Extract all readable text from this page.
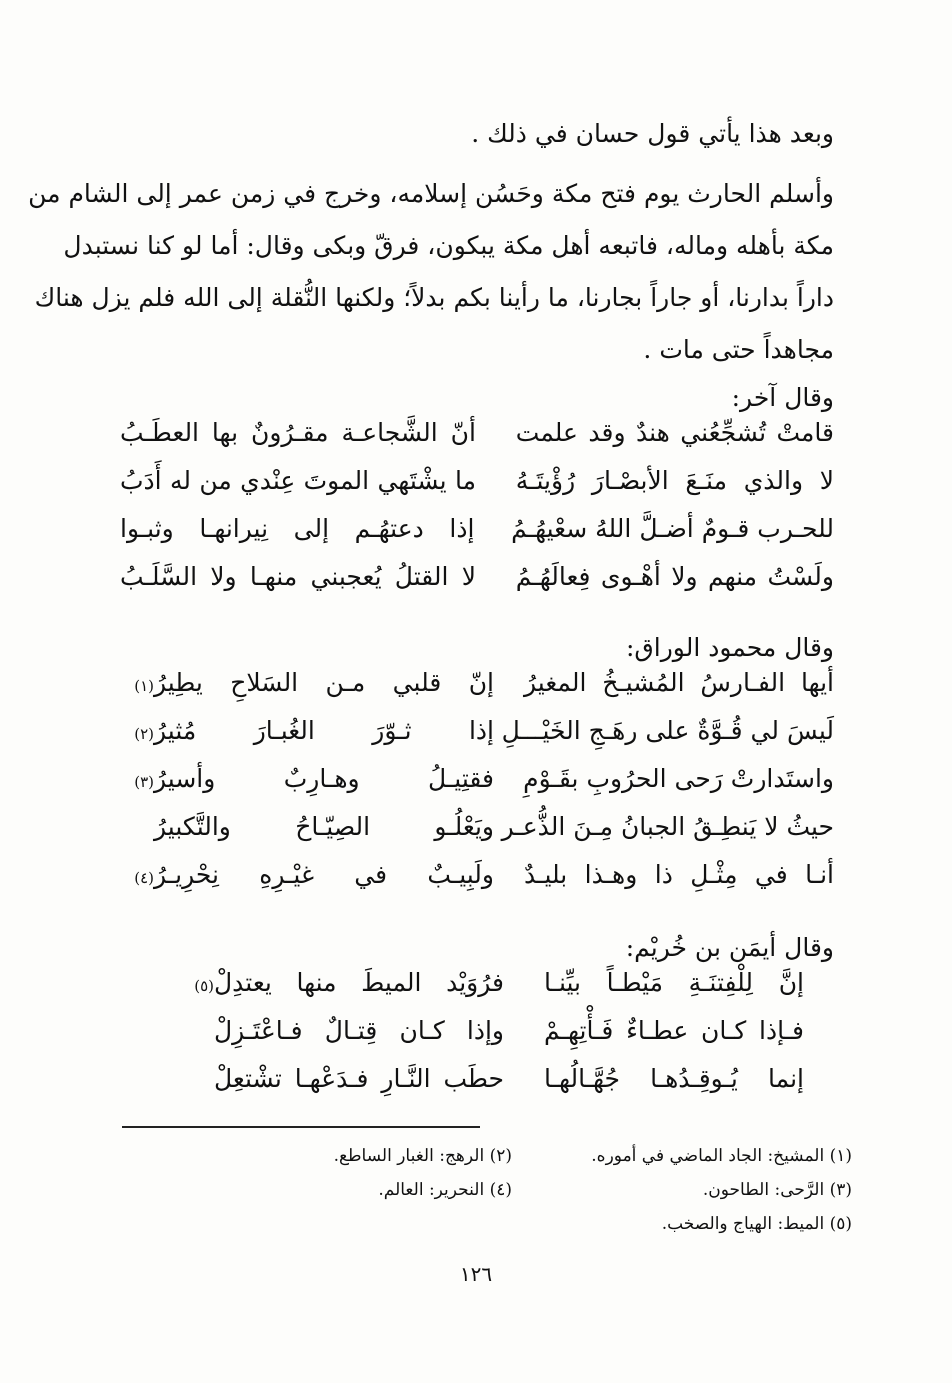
وبعد هذا يأتي قول حسان في ذلك .
وأسلم الحارث يوم فتح مكة وحَسُن إسلامه، وخرج في زمن عمر إلى الشام من
مكة بأهله وماله، فاتبعه أهل مكة يبكون، فرقّ وبكى وقال: أما لو كنا نستبدل
داراً بدارنا، أو جاراً بجارنا، ما رأينا بكم بدلاً؛ ولكنها النُّقلة إلى الله فلم يزل هناك
مجاهداً حتى مات .
وقال آخر:
قامتْ تُشجِّعُني هندٌ وقد علمت
أنّ الشَّجاعـة مقـرُونٌ بها العطَـبُ
لا والذي منَـعَ الأبصْـارَ رُؤْيتَـهُ
ما يشْتَهي الموتَ عِنْدي من له أَدَبُ
للحـرب قـومٌ أضـلَّ اللهُ سعْيهُـمُ
إذا دعتهُـم إلى نِيرانهـا وثبـوا
ولَسْتُ منهم ولا أهْـوى فِعالَهُـمُ
لا القتلُ يُعجبني منهـا ولا السَّلَـبُ
وقال محمود الوراق:
أيها الفـارسُ المُشيـخُ المغيرُ
إنّ قلبي مـن السَلاحِ يطِيرُ
(١)
لَيسَ لي قُـوَّةٌ على رهَـجِ الخَيْـــلِ
إذا ثـوّرَ الغُبـارَ مُثيرُ
(٢)
واستَدارتْ رَحى الحرُوبِ بقَـوْمِ
فقتِيـلُ وهـارِبٌ وأسيرُ
(٣)
حيثُ لا يَنطِـقُ الجبانُ مِـنَ الذُّعـر
ويَعْلُـو الصِيّـاحُ والتَّكبيرُ
أنـا في مِثْـلِ ذا وهـذا بليـدٌ
ولَبِيـبٌ في غيْـرِهِ نِحْرِيـرُ
(٤)
وقال أيمَن بن خُريْم:
إنَّ لِلْفِتنَـةِ مَيْطـاً بيِّنـا
فرُوَيْد الميطَ منها يعتدِلْ
(٥)
فـإذا كـان عطـاءٌ فَـأْتِهِـمْ
وإذا كـان قِتـالٌ فـاعْتَـزِلْ
إنما يُـوقِـدُهـا جُهَّـالُهـا
حطَب النَّـارِ فـدَعْهـا تشْتعِلْ
(١) المشيخ: الجاد الماضي في أموره.
(٢) الرهج: الغبار الساطع.
(٣) الرَّحى: الطاحون.
(٤) النحرير: العالم.
(٥) الميط: الهياج والصخب.
١٢٦
